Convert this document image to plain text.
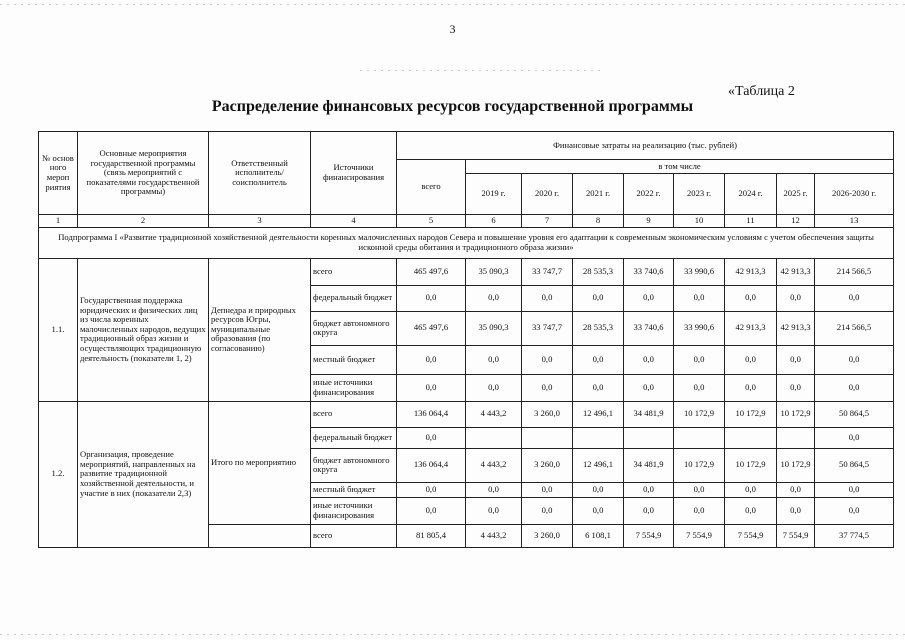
3
«Таблица 2
Распределение финансовых ресурсов государственной программы
№ основ ного мероп риятия	Основные мероприятия государственной программы (связь мероприятий с показателями государственной программы)	Ответственный исполнитель/соисполнитель	Источники финансирования	Финансовые затраты на реализацию (тыс. рублей)								
				всего	в том числе							
					2019 г.	2020 г.	2021 г.	2022 г.	2023 г.	2024 г.	2025 г.	2026-2030 г.
1	2	3	4	5	6	7	8	9	10	11	12	13
Подпрограмма I «Развитие традиционной хозяйственной деятельности коренных малочисленных народов Севера и повышение уровня его адаптации к современным экономическим условиям с учетом обеспечения защиты исконной среды обитания и традиционного образа жизни»												
1.1.	Государственная поддержка юридических и физических лиц из числа коренных малочисленных народов, ведущих традиционный образ жизни и осуществляющих традиционную деятельность (показатели 1, 2)	Депнедра и природных ресурсов Югры, муниципальные образования (по согласованию)	всего	465 497,6	35 090,3	33 747,7	28 535,3	33 740,6	33 990,6	42 913,3	42 913,3	214 566,5
			федеральный бюджет	0,0	0,0	0,0	0,0	0,0	0,0	0,0	0,0	0,0
			бюджет автономного округа	465 497,6	35 090,3	33 747,7	28 535,3	33 740,6	33 990,6	42 913,3	42 913,3	214 566,5
			местный бюджет	0,0	0,0	0,0	0,0	0,0	0,0	0,0	0,0	0,0
			иные источники финансирования	0,0	0,0	0,0	0,0	0,0	0,0	0,0	0,0	0,0
1.2.	Организация, проведение мероприятий, направленных на развитие традиционной хозяйственной деятельности, и участие в них (показатели 2,3)	Итого по мероприятию	всего	136 064,4	4 443,2	3 260,0	12 496,1	34 481,9	10 172,9	10 172,9	10 172,9	50 864,5
			федеральный бюджет	0,0								0,0
			бюджет автономного округа	136 064,4	4 443,2	3 260,0	12 496,1	34 481,9	10 172,9	10 172,9	10 172,9	50 864,5
			местный бюджет	0,0	0,0	0,0	0,0	0,0	0,0	0,0	0,0	0,0
			иные источники финансирования	0,0	0,0	0,0	0,0	0,0	0,0	0,0	0,0	0,0
			всего	81 805,4	4 443,2	3 260,0	6 108,1	7 554,9	7 554,9	7 554,9	7 554,9	37 774,5
